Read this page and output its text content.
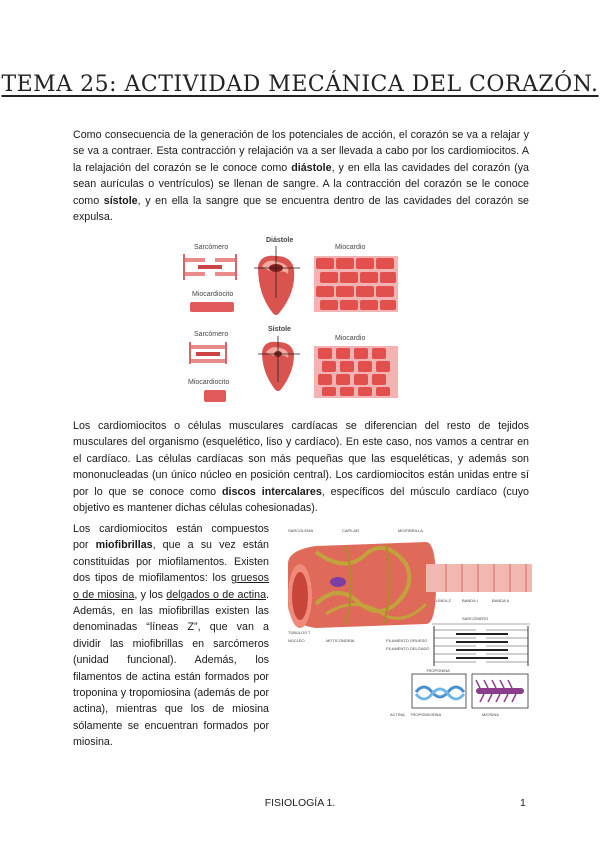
TEMA 25: ACTIVIDAD MECÁNICA DEL CORAZÓN.

Como consecuencia de la generación de los potenciales de acción, el corazón se va a relajar y se va a contraer. Esta contracción y relajación va a ser llevada a cabo por los cardiomiocitos. A la relajación del corazón se le conoce como diástole, y en ella las cavidades del corazón (ya sean aurículas o ventrículos) se llenan de sangre. A la contracción del corazón se le conoce como sístole, y en ella la sangre que se encuentra dentro de las cavidades del corazón se expulsa.

Sarcómero
Diástole
Miocardio
Miocardiocito
Sarcómero
Sístole
Miocardio
Miocardiocito

Los cardiomiocitos o células musculares cardíacas se diferencian del resto de tejidos musculares del organismo (esquelético, liso y cardíaco). En este caso, nos vamos a centrar en el cardíaco. Las células cardíacas son más pequeñas que las esqueléticas, y además son mononucleadas (un único núcleo en posición central). Los cardiomiocitos están unidas entre sí por lo que se conoce como discos intercalares, específicos del músculo cardíaco (cuyo objetivo es mantener dichas células cohesionadas).

Los cardiomiocitos están compuestos por miofibrillas, que a su vez están constituidas por miofilamentos. Existen dos tipos de miofilamentos: los gruesos o de miosina, y los delgados o de actina. Además, en las miofibrillas existen las denominadas “líneas Z”, que van a dividir las miofibrillas en sarcómeros (unidad funcional). Además, los filamentos de actina están formados por troponina y tropomiosina (además de por actina), mientras que los de miosina sólamente se encuentran formados por miosina.

SARCOLEMA	CAPILAR	MIOFIBRILLA
TÚBULOS T
NÚCLEO	MITOCONDRIA
LÍNEA Z	BANDA I	BANDA A
SARCÓMERO
FILAMENTO GRUESO
FILAMENTO DELGADO
TROPONINA
ACTINA TROPOMIOSINA	MIOSINA
FISIOLOGÍA 1.	1
